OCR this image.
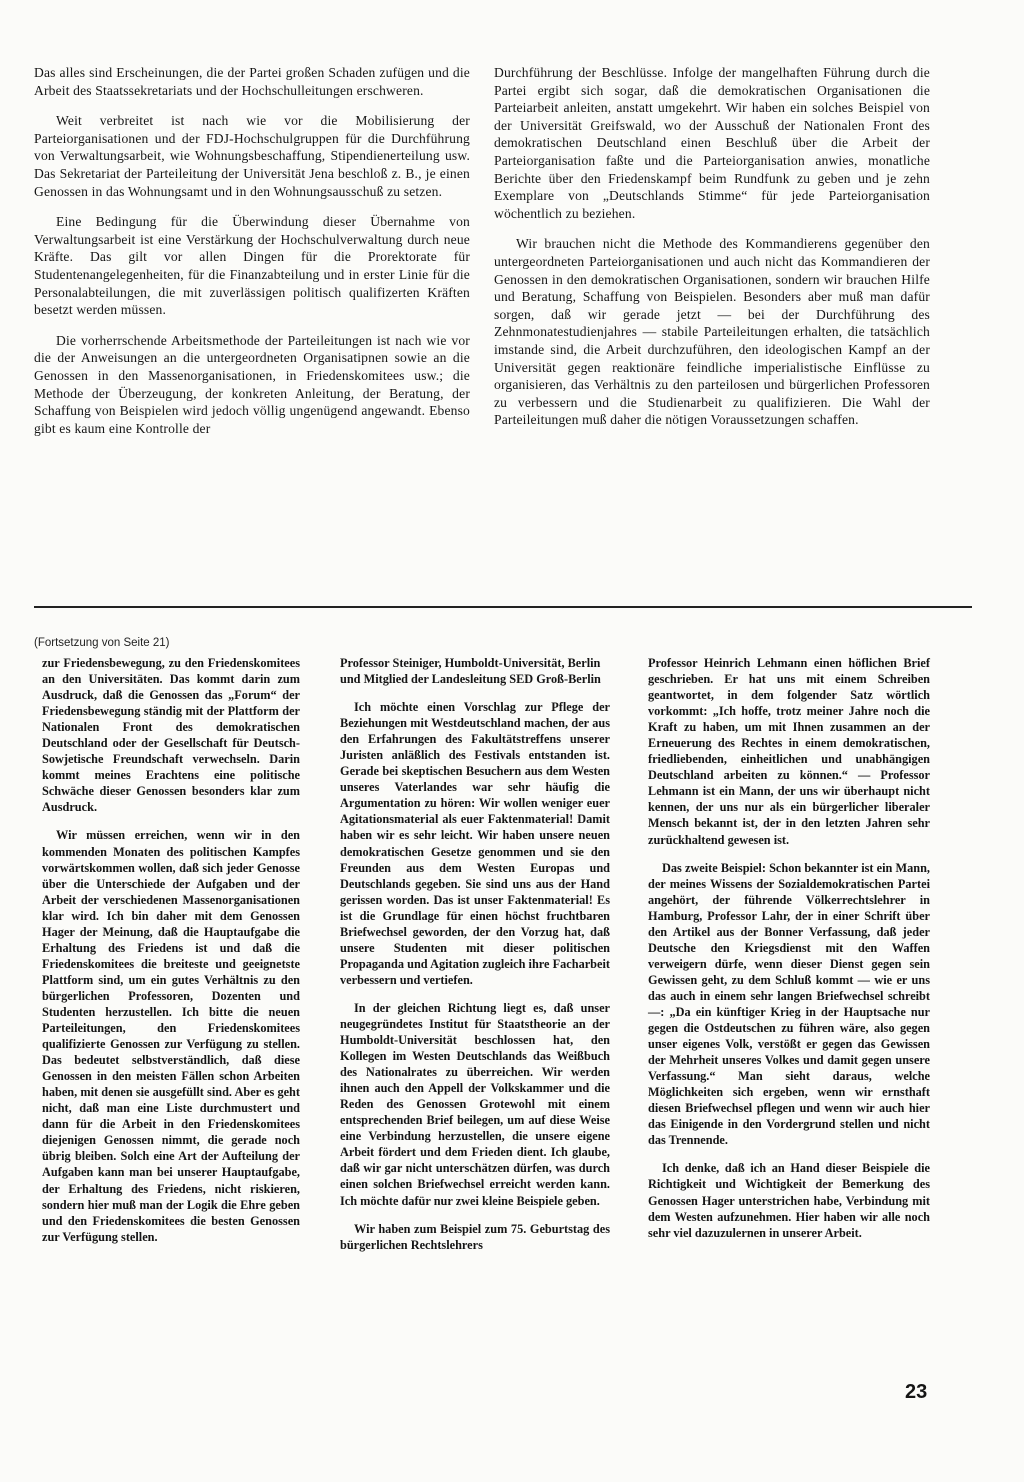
Das alles sind Erscheinungen, die der Partei großen Schaden zufügen und die Arbeit des Staatssekretariats und der Hochschulleitungen erschweren.

Weit verbreitet ist nach wie vor die Mobilisierung der Parteiorganisationen und der FDJ-Hochschulgruppen für die Durchführung von Verwaltungsarbeit, wie Wohnungsbeschaffung, Stipendienerteilung usw. Das Sekretariat der Parteileitung der Universität Jena beschloß z. B., je einen Genossen in das Wohnungsamt und in den Wohnungsausschuß zu setzen.

Eine Bedingung für die Überwindung dieser Übernahme von Verwaltungsarbeit ist eine Verstärkung der Hochschulverwaltung durch neue Kräfte. Das gilt vor allen Dingen für die Prorektorate für Studentenangelegenheiten, für die Finanzabteilung und in erster Linie für die Personalabteilungen, die mit zuverlässigen politisch qualifizerten Kräften besetzt werden müssen.

Die vorherrschende Arbeitsmethode der Parteileitungen ist nach wie vor die der Anweisungen an die untergeordneten Organisatipnen sowie an die Genossen in den Massenorganisationen, in Friedenskomitees usw.; die Methode der Überzeugung, der konkreten Anleitung, der Beratung, der Schaffung von Beispielen wird jedoch völlig ungenügend angewandt. Ebenso gibt es kaum eine Kontrolle der

Durchführung der Beschlüsse. Infolge der mangelhaften Führung durch die Partei ergibt sich sogar, daß die demokratischen Organisationen die Parteiarbeit anleiten, anstatt umgekehrt. Wir haben ein solches Beispiel von der Universität Greifswald, wo der Ausschuß der Nationalen Front des demokratischen Deutschland einen Beschluß über die Arbeit der Parteiorganisation faßte und die Parteiorganisation anwies, monatliche Berichte über den Friedenskampf beim Rundfunk zu geben und je zehn Exemplare von „Deutschlands Stimme“ für jede Parteiorganisation wöchentlich zu beziehen.

Wir brauchen nicht die Methode des Kommandierens gegenüber den untergeordneten Parteiorganisationen und auch nicht das Kommandieren der Genossen in den demokratischen Organisationen, sondern wir brauchen Hilfe und Beratung, Schaffung von Beispielen. Besonders aber muß man dafür sorgen, daß wir gerade jetzt — bei der Durchführung des Zehnmonatestudienjahres — stabile Parteileitungen erhalten, die tatsächlich imstande sind, die Arbeit durchzuführen, den ideologischen Kampf an der Universität gegen reaktionäre feindliche imperialistische Einflüsse zu organisieren, das Verhältnis zu den parteilosen und bürgerlichen Professoren zu verbessern und die Studienarbeit zu qualifizieren. Die Wahl der Parteileitungen muß daher die nötigen Voraussetzungen schaffen.

(Fortsetzung von Seite 21)

zur Friedensbewegung, zu den Friedenskomitees an den Universitäten. Das kommt darin zum Ausdruck, daß die Genossen das „Forum“ der Friedensbewegung ständig mit der Plattform der Nationalen Front des demokratischen Deutschland oder der Gesellschaft für Deutsch-Sowjetische Freundschaft verwechseln. Darin kommt meines Erachtens eine politische Schwäche dieser Genossen besonders klar zum Ausdruck.

Wir müssen erreichen, wenn wir in den kommenden Monaten des politischen Kampfes vorwärtskommen wollen, daß sich jeder Genosse über die Unterschiede der Aufgaben und der Arbeit der verschiedenen Massenorganisationen klar wird. Ich bin daher mit dem Genossen Hager der Meinung, daß die Hauptaufgabe die Erhaltung des Friedens ist und daß die Friedenskomitees die breiteste und geeignetste Plattform sind, um ein gutes Verhältnis zu den bürgerlichen Professoren, Dozenten und Studenten herzustellen. Ich bitte die neuen Parteileitungen, den Friedenskomitees qualifizierte Genossen zur Verfügung zu stellen. Das bedeutet selbstverständlich, daß diese Genossen in den meisten Fällen schon Arbeiten haben, mit denen sie ausgefüllt sind. Aber es geht nicht, daß man eine Liste durchmustert und dann für die Arbeit in den Friedenskomitees diejenigen Genossen nimmt, die gerade noch übrig bleiben. Solch eine Art der Aufteilung der Aufgaben kann man bei unserer Hauptaufgabe, der Erhaltung des Friedens, nicht riskieren, sondern hier muß man der Logik die Ehre geben und den Friedenskomitees die besten Genossen zur Verfügung stellen.

Professor Steiniger, Humboldt-Universität, Berlin und Mitglied der Landesleitung SED Groß-Berlin

Ich möchte einen Vorschlag zur Pflege der Beziehungen mit Westdeutschland machen, der aus den Erfahrungen des Fakultätstreffens unserer Juristen anläßlich des Festivals entstanden ist. Gerade bei skeptischen Besuchern aus dem Westen unseres Vaterlandes war sehr häufig die Argumentation zu hören: Wir wollen weniger euer Agitationsmaterial als euer Faktenmaterial! Damit haben wir es sehr leicht. Wir haben unsere neuen demokratischen Gesetze genommen und sie den Freunden aus dem Westen Europas und Deutschlands gegeben. Sie sind uns aus der Hand gerissen worden. Das ist unser Faktenmaterial! Es ist die Grundlage für einen höchst fruchtbaren Briefwechsel geworden, der den Vorzug hat, daß unsere Studenten mit dieser politischen Propaganda und Agitation zugleich ihre Facharbeit verbessern und vertiefen.

In der gleichen Richtung liegt es, daß unser neugegründetes Institut für Staatstheorie an der Humboldt-Universität beschlossen hat, den Kollegen im Westen Deutschlands das Weißbuch des Nationalrates zu überreichen. Wir werden ihnen auch den Appell der Volkskammer und die Reden des Genossen Grotewohl mit einem entsprechenden Brief beilegen, um auf diese Weise eine Verbindung herzustellen, die unsere eigene Arbeit fördert und dem Frieden dient. Ich glaube, daß wir gar nicht unterschätzen dürfen, was durch einen solchen Briefwechsel erreicht werden kann. Ich möchte dafür nur zwei kleine Beispiele geben.

Wir haben zum Beispiel zum 75. Geburtstag des bürgerlichen Rechtslehrers

Professor Heinrich Lehmann einen höflichen Brief geschrieben. Er hat uns mit einem Schreiben geantwortet, in dem folgender Satz wörtlich vorkommt: „Ich hoffe, trotz meiner Jahre noch die Kraft zu haben, um mit Ihnen zusammen an der Erneuerung des Rechtes in einem demokratischen, friedliebenden, einheitlichen und unabhängigen Deutschland arbeiten zu können.“ — Professor Lehmann ist ein Mann, der uns wir überhaupt nicht kennen, der uns nur als ein bürgerlicher liberaler Mensch bekannt ist, der in den letzten Jahren sehr zurückhaltend gewesen ist.

Das zweite Beispiel: Schon bekannter ist ein Mann, der meines Wissens der Sozialdemokratischen Partei angehört, der führende Völkerrechtslehrer in Hamburg, Professor Lahr, der in einer Schrift über den Artikel aus der Bonner Verfassung, daß jeder Deutsche den Kriegsdienst mit den Waffen verweigern dürfe, wenn dieser Dienst gegen sein Gewissen geht, zu dem Schluß kommt — wie er uns das auch in einem sehr langen Briefwechsel schreibt —: „Da ein künftiger Krieg in der Hauptsache nur gegen die Ostdeutschen zu führen wäre, also gegen unser eigenes Volk, verstößt er gegen das Gewissen der Mehrheit unseres Volkes und damit gegen unsere Verfassung.“ Man sieht daraus, welche Möglichkeiten sich ergeben, wenn wir ernsthaft diesen Briefwechsel pflegen und wenn wir auch hier das Einigende in den Vordergrund stellen und nicht das Trennende.

Ich denke, daß ich an Hand dieser Beispiele die Richtigkeit und Wichtigkeit der Bemerkung des Genossen Hager unterstrichen habe, Verbindung mit dem Westen aufzunehmen. Hier haben wir alle noch sehr viel dazuzulernen in unserer Arbeit.

23
